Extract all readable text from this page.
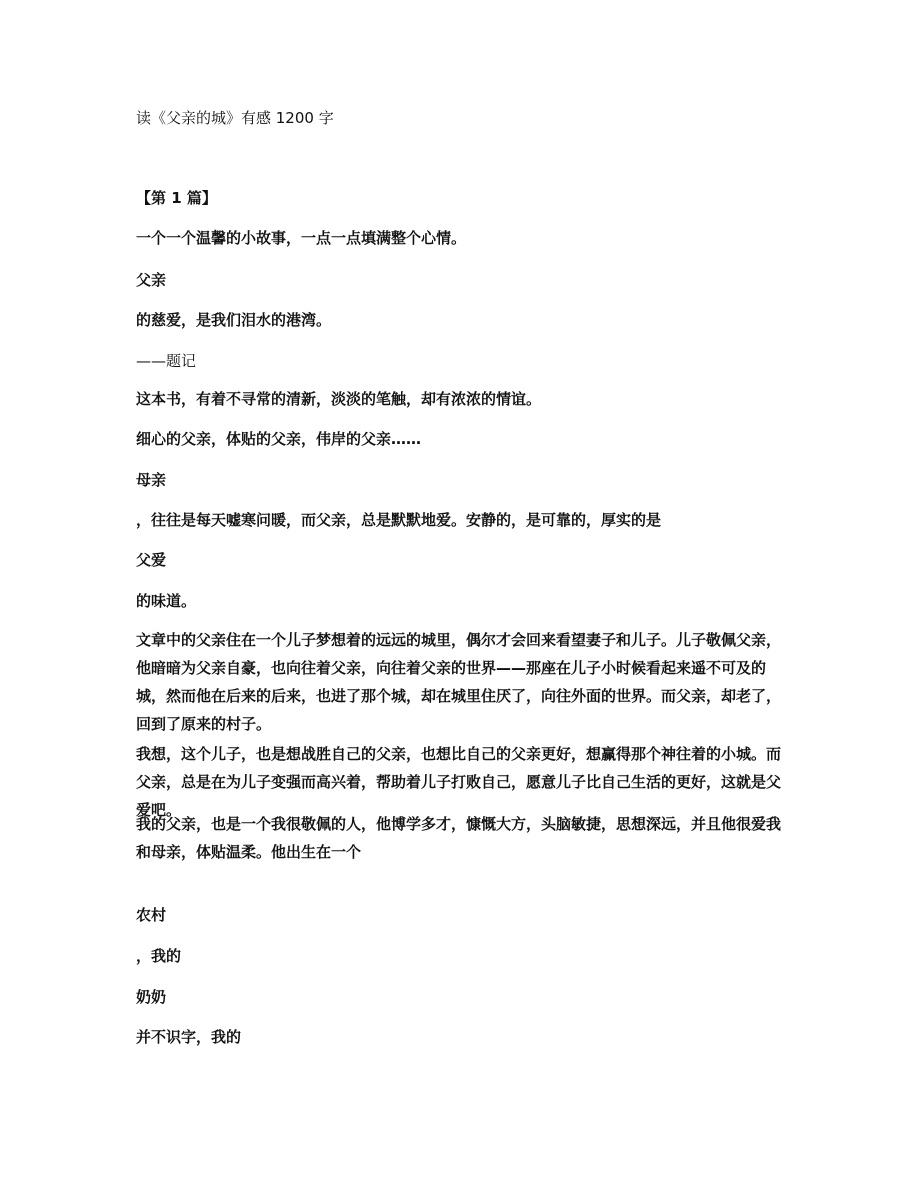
读《父亲的城》有感 1200 字
【第 1 篇】
一个一个温馨的小故事，一点一点填满整个心情。
父亲
的慈爱，是我们泪水的港湾。
——题记
这本书，有着不寻常的清新，淡淡的笔触，却有浓浓的情谊。
细心的父亲，体贴的父亲，伟岸的父亲……
母亲
，往往是每天嘘寒问暖，而父亲，总是默默地爱。安静的，是可靠的，厚实的是
父爱
的味道。
文章中的父亲住在一个儿子梦想着的远远的城里，偶尔才会回来看望妻子和儿子。儿子敬佩父亲，他暗暗为父亲自豪，也向往着父亲，向往着父亲的世界——那座在儿子小时候看起来遥不可及的城，然而他在后来的后来，也进了那个城，却在城里住厌了，向往外面的世界。而父亲，却老了，回到了原来的村子。
我想，这个儿子，也是想战胜自己的父亲，也想比自己的父亲更好，想赢得那个神往着的小城。而父亲，总是在为儿子变强而高兴着，帮助着儿子打败自己，愿意儿子比自己生活的更好，这就是父爱吧。
我的父亲，也是一个我很敬佩的人，他博学多才，慷慨大方，头脑敏捷，思想深远，并且他很爱我和母亲，体贴温柔。他出生在一个
农村
，我的
奶奶
并不识字，我的
